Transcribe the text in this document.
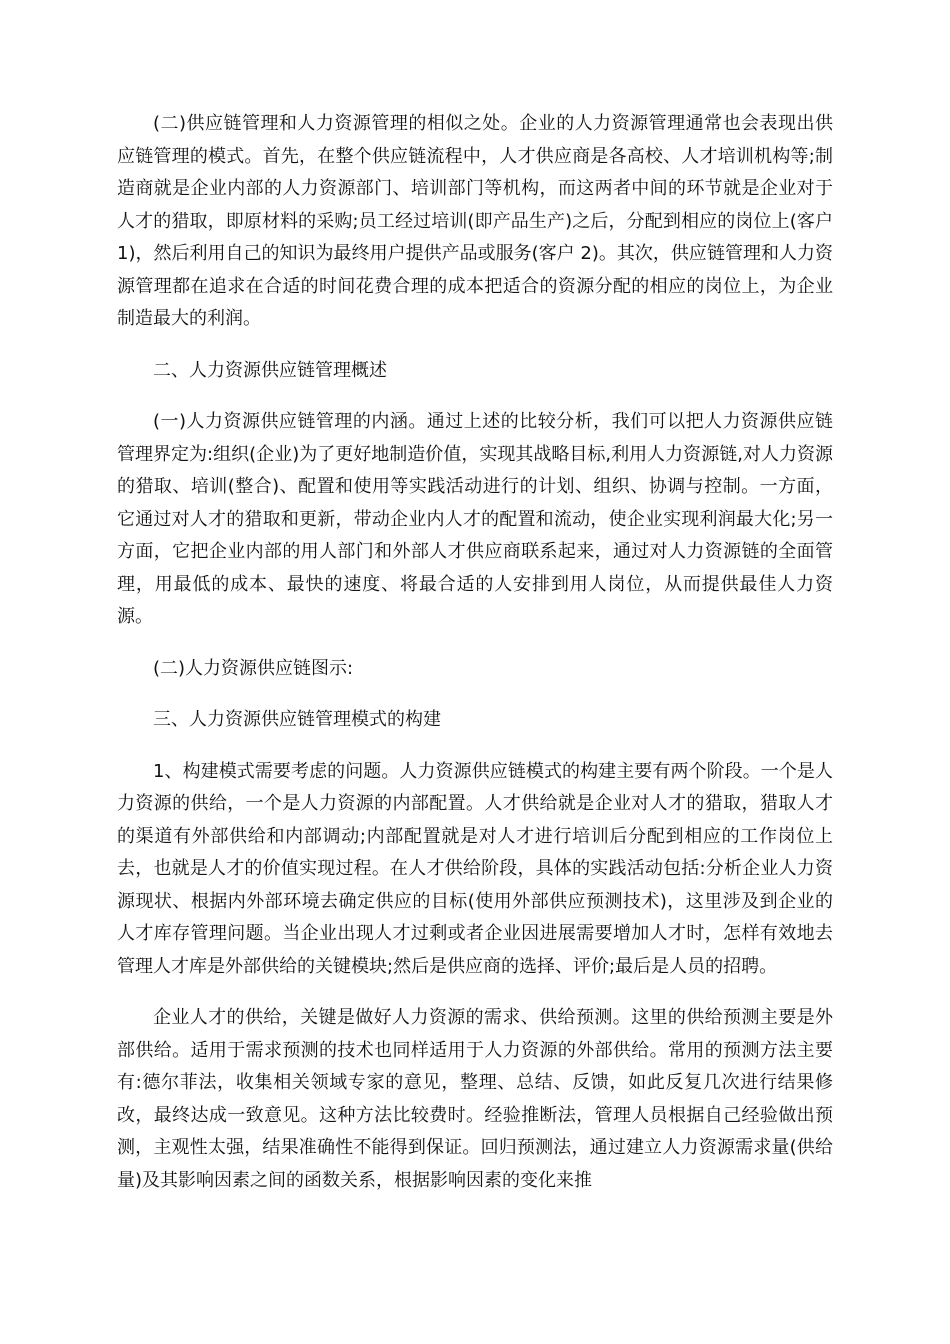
(二)供应链管理和人力资源管理的相似之处。企业的人力资源管理通常也会表现出供应链管理的模式。首先，在整个供应链流程中，人才供应商是各高校、人才培训机构等;制造商就是企业内部的人力资源部门、培训部门等机构，而这两者中间的环节就是企业对于人才的猎取，即原材料的采购;员工经过培训(即产品生产)之后，分配到相应的岗位上(客户 1)，然后利用自己的知识为最终用户提供产品或服务(客户 2)。其次，供应链管理和人力资源管理都在追求在合适的时间花费合理的成本把适合的资源分配的相应的岗位上，为企业制造最大的利润。

二、人力资源供应链管理概述

(一)人力资源供应链管理的内涵。通过上述的比较分析，我们可以把人力资源供应链管理界定为:组织(企业)为了更好地制造价值，实现其战略目标,利用人力资源链,对人力资源的猎取、培训(整合)、配置和使用等实践活动进行的计划、组织、协调与控制。一方面，它通过对人才的猎取和更新，带动企业内人才的配置和流动，使企业实现利润最大化;另一方面，它把企业内部的用人部门和外部人才供应商联系起来，通过对人力资源链的全面管理，用最低的成本、最快的速度、将最合适的人安排到用人岗位，从而提供最佳人力资源。

(二)人力资源供应链图示:

三、人力资源供应链管理模式的构建

1、构建模式需要考虑的问题。人力资源供应链模式的构建主要有两个阶段。一个是人力资源的供给，一个是人力资源的内部配置。人才供给就是企业对人才的猎取，猎取人才的渠道有外部供给和内部调动;内部配置就是对人才进行培训后分配到相应的工作岗位上去，也就是人才的价值实现过程。在人才供给阶段，具体的实践活动包括:分析企业人力资源现状、根据内外部环境去确定供应的目标(使用外部供应预测技术)，这里涉及到企业的人才库存管理问题。当企业出现人才过剩或者企业因进展需要增加人才时，怎样有效地去管理人才库是外部供给的关键模块;然后是供应商的选择、评价;最后是人员的招聘。

企业人才的供给，关键是做好人力资源的需求、供给预测。这里的供给预测主要是外部供给。适用于需求预测的技术也同样适用于人力资源的外部供给。常用的预测方法主要有:德尔菲法，收集相关领域专家的意见，整理、总结、反馈，如此反复几次进行结果修改，最终达成一致意见。这种方法比较费时。经验推断法，管理人员根据自己经验做出预测，主观性太强，结果准确性不能得到保证。回归预测法，通过建立人力资源需求量(供给量)及其影响因素之间的函数关系，根据影响因素的变化来推
